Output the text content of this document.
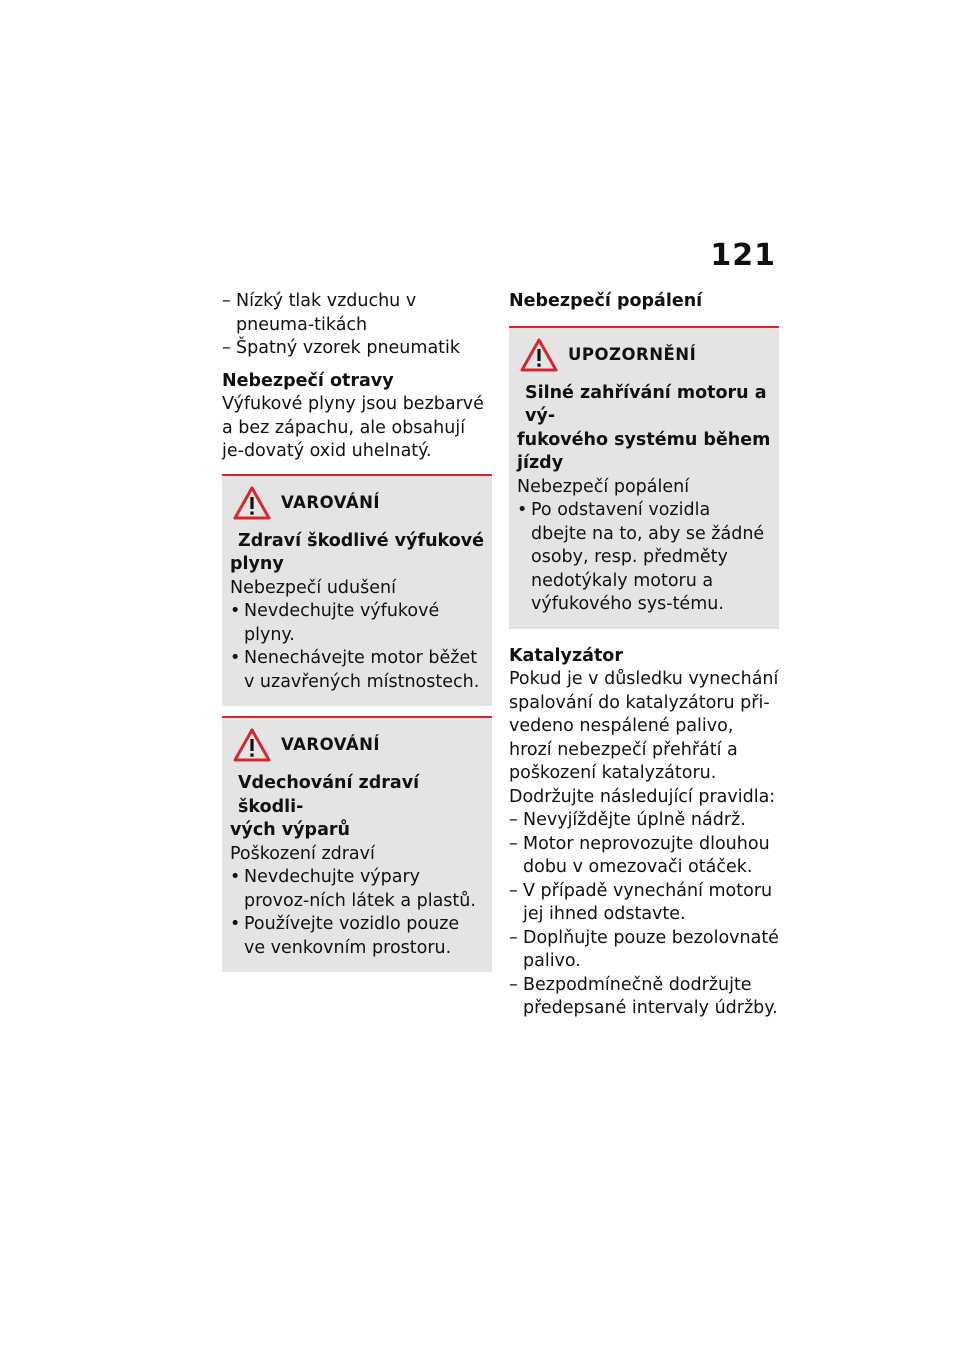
121
– Nízký tlak vzduchu v pneuma-tikách
– Špatný vzorek pneumatik
Nebezpečí otravy

Výfukové plyny jsou bezbarvé a bez zápachu, ale obsahují je-dovatý oxid uhelnatý.

VAROVÁNÍ
Zdraví škodlivé výfukové
plyny
Nebezpečí udušení
• Nevdechujte výfukové plyny.
• Nenechávejte motor běžet v uzavřených místnostech.
VAROVÁNÍ
Vdechování zdraví škodli-
vých výparů
Poškození zdraví
• Nevdechujte výpary provoz-ních látek a plastů.
• Používejte vozidlo pouze ve venkovním prostoru.
Nebezpečí popálení
UPOZORNĚNÍ
Silné zahřívání motoru a vý-
fukového systému během
jízdy
Nebezpečí popálení
• Po odstavení vozidla dbejte na to, aby se žádné osoby, resp. předměty nedotýkaly motoru a výfukového sys-tému.
Katalyzátor

Pokud je v důsledku vynechání spalování do katalyzátoru při-vedeno nespálené palivo, hrozí nebezpečí přehřátí a poškození katalyzátoru.

Dodržujte následující pravidla:

– Nevyjíždějte úplně nádrž.
– Motor neprovozujte dlouhou dobu v omezovači otáček.
– V případě vynechání motoru jej ihned odstavte.
– Doplňujte pouze bezolovnaté palivo.
– Bezpodmínečně dodržujte předepsané intervaly údržby.
